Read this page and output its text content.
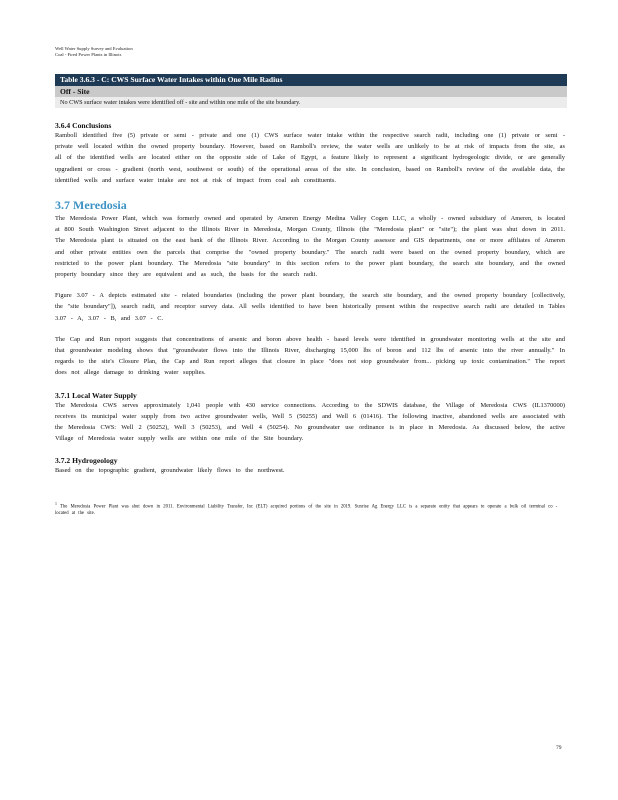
Well Water Supply Survey and Evaluation
Coal - Fired Power Plants in Illinois
Table 3.6.3 - C: CWS Surface Water Intakes within One Mile Radius
Off - Site
No CWS surface water intakes were identified off - site and within one mile of the site boundary.
3.6.4 Conclusions

Ramboll identified five (5) private or semi - private and one (1) CWS surface water intake within the respective search radii, including one (1) private or semi - private well located within the owned property boundary. However, based on Ramboll's review, the water wells are unlikely to be at risk of impacts from the site, as all of the identified wells are located either on the opposite side of Lake of Egypt, a feature likely to represent a significant hydrogeologic divide, or are generally upgradient or cross - gradient (north west, southwest or south) of the operational areas of the site. In conclusion, based on Ramboll's review of the available data, the identified wells and surface water intake are not at risk of impact from coal ash constituents.

3.7 Meredosia

The Meredosia Power Plant, which was formerly owned and operated by Ameren Energy Medina Valley Cogen LLC, a wholly - owned subsidiary of Ameren, is located at 800 South Washington Street adjacent to the Illinois River in Meredosia, Morgan County, Illinois (the "Meredosia plant" or "site"); the plant was shut down in 2011. The Meredosia plant is situated on the east bank of the Illinois River. According to the Morgan County assessor and GIS departments, one or more affiliates of Ameren and other private entities own the parcels that comprise the "owned property boundary." The search radii were based on the owned property boundary, which are restricted to the power plant boundary. The Meredosia "site boundary" in this section refers to the power plant boundary, the search site boundary, and the owned property boundary since they are equivalent and as such, the basis for the search radii.

Figure 3.07 - A depicts estimated site - related boundaries (including the power plant boundary, the search site boundary, and the owned property boundary [collectively, the "site boundary"]), search radii, and receptor survey data. All wells identified to have been historically present within the respective search radii are detailed in Tables 3.07 - A, 3.07 - B, and 3.07 - C.

The Cap and Run report suggests that concentrations of arsenic and boron above health - based levels were identified in groundwater monitoring wells at the site and that groundwater modeling shows that "groundwater flows into the Illinois River, discharging 15,000 lbs of boron and 112 lbs of arsenic into the river annually." In regards to the site's Closure Plan, the Cap and Run report alleges that closure in place "does not stop groundwater from... picking up toxic contamination." The report does not allege damage to drinking water supplies.

3.7.1 Local Water Supply

The Meredosia CWS serves approximately 1,041 people with 430 service connections. According to the SDWIS database, the Village of Meredosia CWS (IL1370000) receives its municipal water supply from two active groundwater wells, Well 5 (50255) and Well 6 (01416). The following inactive, abandoned wells are associated with the Meredosia CWS: Well 2 (50252), Well 3 (50253), and Well 4 (50254). No groundwater use ordinance is in place in Meredosia. As discussed below, the active Village of Meredosia water supply wells are within one mile of the Site boundary.

3.7.2 Hydrogeology

Based on the topographic gradient, groundwater likely flows to the northwest.

$^1$ The Meredosia Power Plant was shut down in 2011. Environmental Liability Transfer, Inc (ELT) acquired portions of the site in 2019. Sunrise Ag Energy LLC is a separate entity that appears to operate a bulk oil terminal co - located at the site.
79
